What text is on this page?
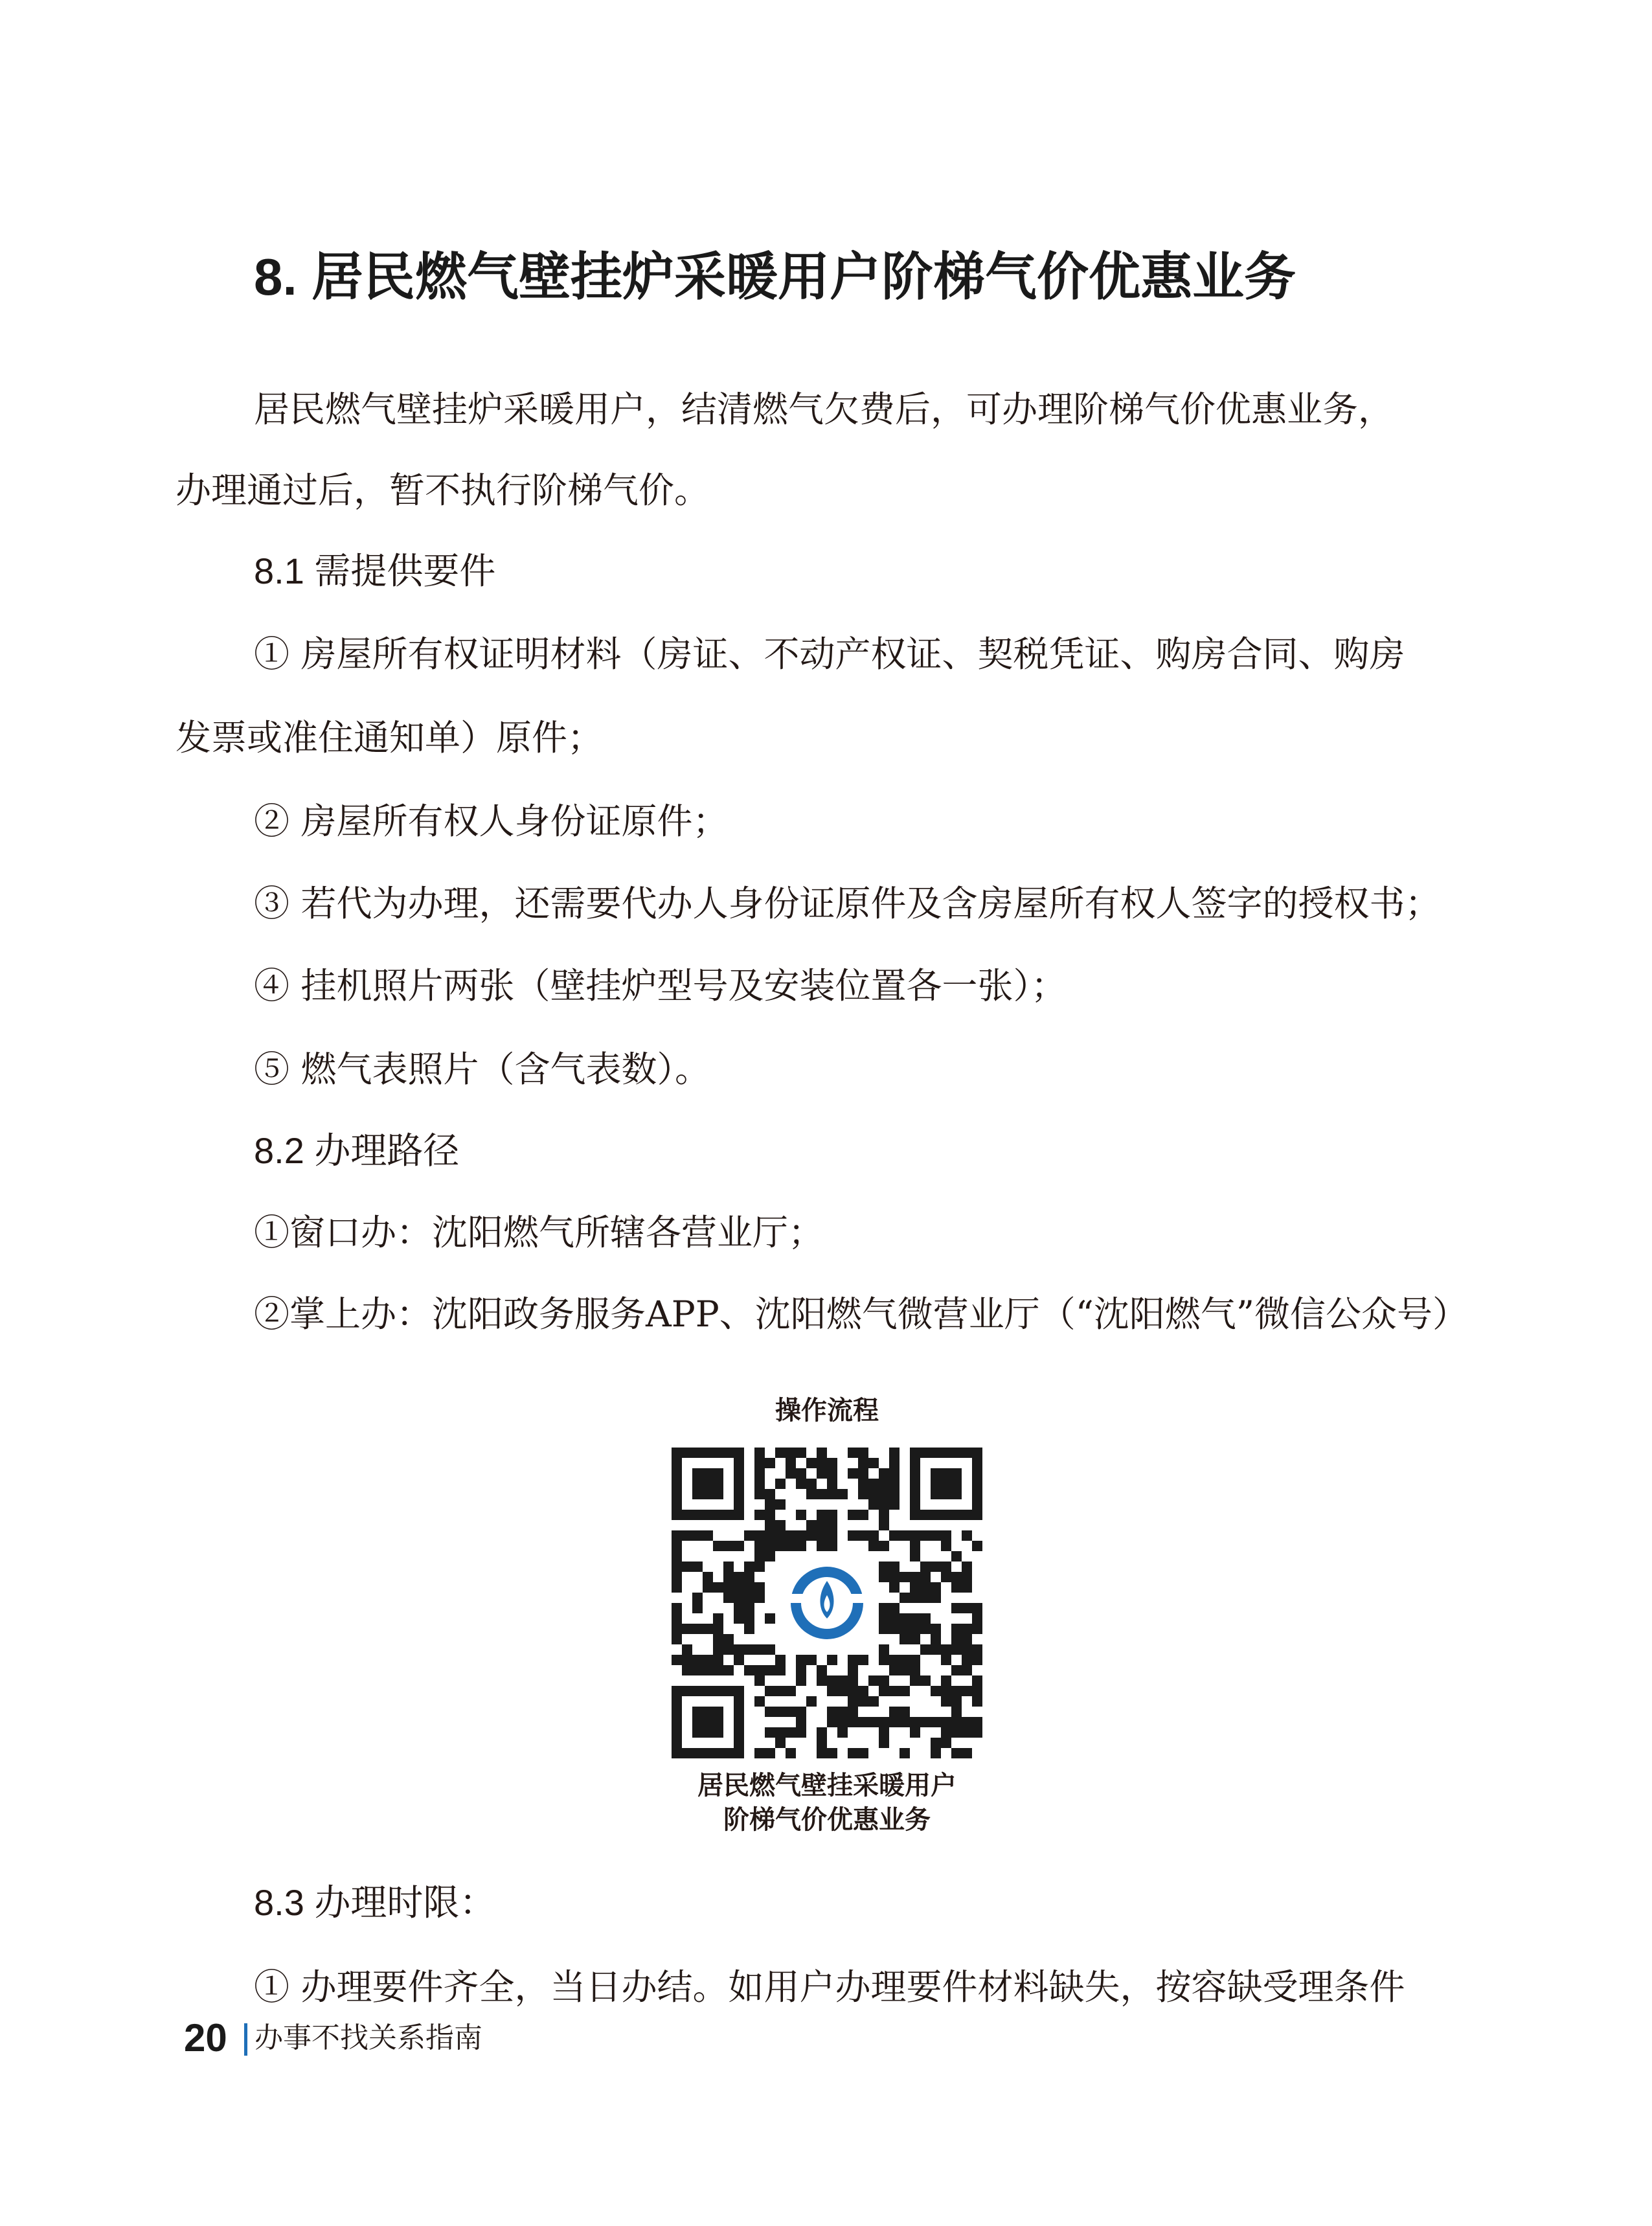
8. 居民燃气壁挂炉采暖用户阶梯气价优惠业务
居民燃气壁挂炉采暖用户，结清燃气欠费后，可办理阶梯气价优惠业务，
办理通过后，暂不执行阶梯气价。
8.1 需提供要件
① 房屋所有权证明材料（房证、不动产权证、契税凭证、购房合同、购房
发票或准住通知单）原件；
② 房屋所有权人身份证原件；
③ 若代为办理，还需要代办人身份证原件及含房屋所有权人签字的授权书；
④ 挂机照片两张（壁挂炉型号及安装位置各一张）；
⑤ 燃气表照片（含气表数）。
8.2 办理路径
①窗口办：沈阳燃气所辖各营业厅；
②掌上办：沈阳政务服务APP、沈阳燃气微营业厅（“沈阳燃气”微信公众号）
操作流程
居民燃气壁挂采暖用户
阶梯气价优惠业务
8.3 办理时限：
① 办理要件齐全，当日办结。如用户办理要件材料缺失，按容缺受理条件
20 办事不找关系指南
